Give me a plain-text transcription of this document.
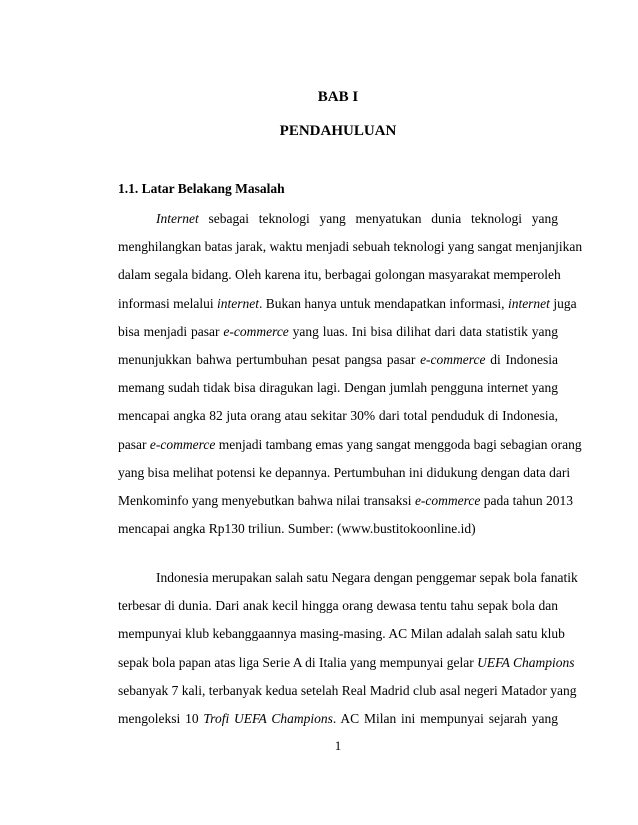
BAB I
PENDAHULUAN
1.1. Latar Belakang Masalah

Internet sebagai teknologi yang menyatukan dunia teknologi yang
menghilangkan batas jarak, waktu menjadi sebuah teknologi yang sangat menjanjikan
dalam segala bidang. Oleh karena itu, berbagai golongan masyarakat memperoleh
informasi melalui internet. Bukan hanya untuk mendapatkan informasi, internet juga
bisa menjadi pasar e-commerce yang luas. Ini bisa dilihat dari data statistik yang
menunjukkan bahwa pertumbuhan pesat pangsa pasar e-commerce di Indonesia
memang sudah tidak bisa diragukan lagi. Dengan jumlah pengguna internet yang
mencapai angka 82 juta orang atau sekitar 30% dari total penduduk di Indonesia,
pasar e-commerce menjadi tambang emas yang sangat menggoda bagi sebagian orang
yang bisa melihat potensi ke depannya. Pertumbuhan ini didukung dengan data dari
Menkominfo yang menyebutkan bahwa nilai transaksi e-commerce pada tahun 2013
mencapai angka Rp130 triliun. Sumber: (www.bustitokoonline.id)

Indonesia merupakan salah satu Negara dengan penggemar sepak bola fanatik
terbesar di dunia. Dari anak kecil hingga orang dewasa tentu tahu sepak bola dan
mempunyai klub kebanggaannya masing-masing. AC Milan adalah salah satu klub
sepak bola papan atas liga Serie A di Italia yang mempunyai gelar UEFA Champions
sebanyak 7 kali, terbanyak kedua setelah Real Madrid club asal negeri Matador yang
mengoleksi 10 Trofi UEFA Champions. AC Milan ini mempunyai sejarah yang

1
